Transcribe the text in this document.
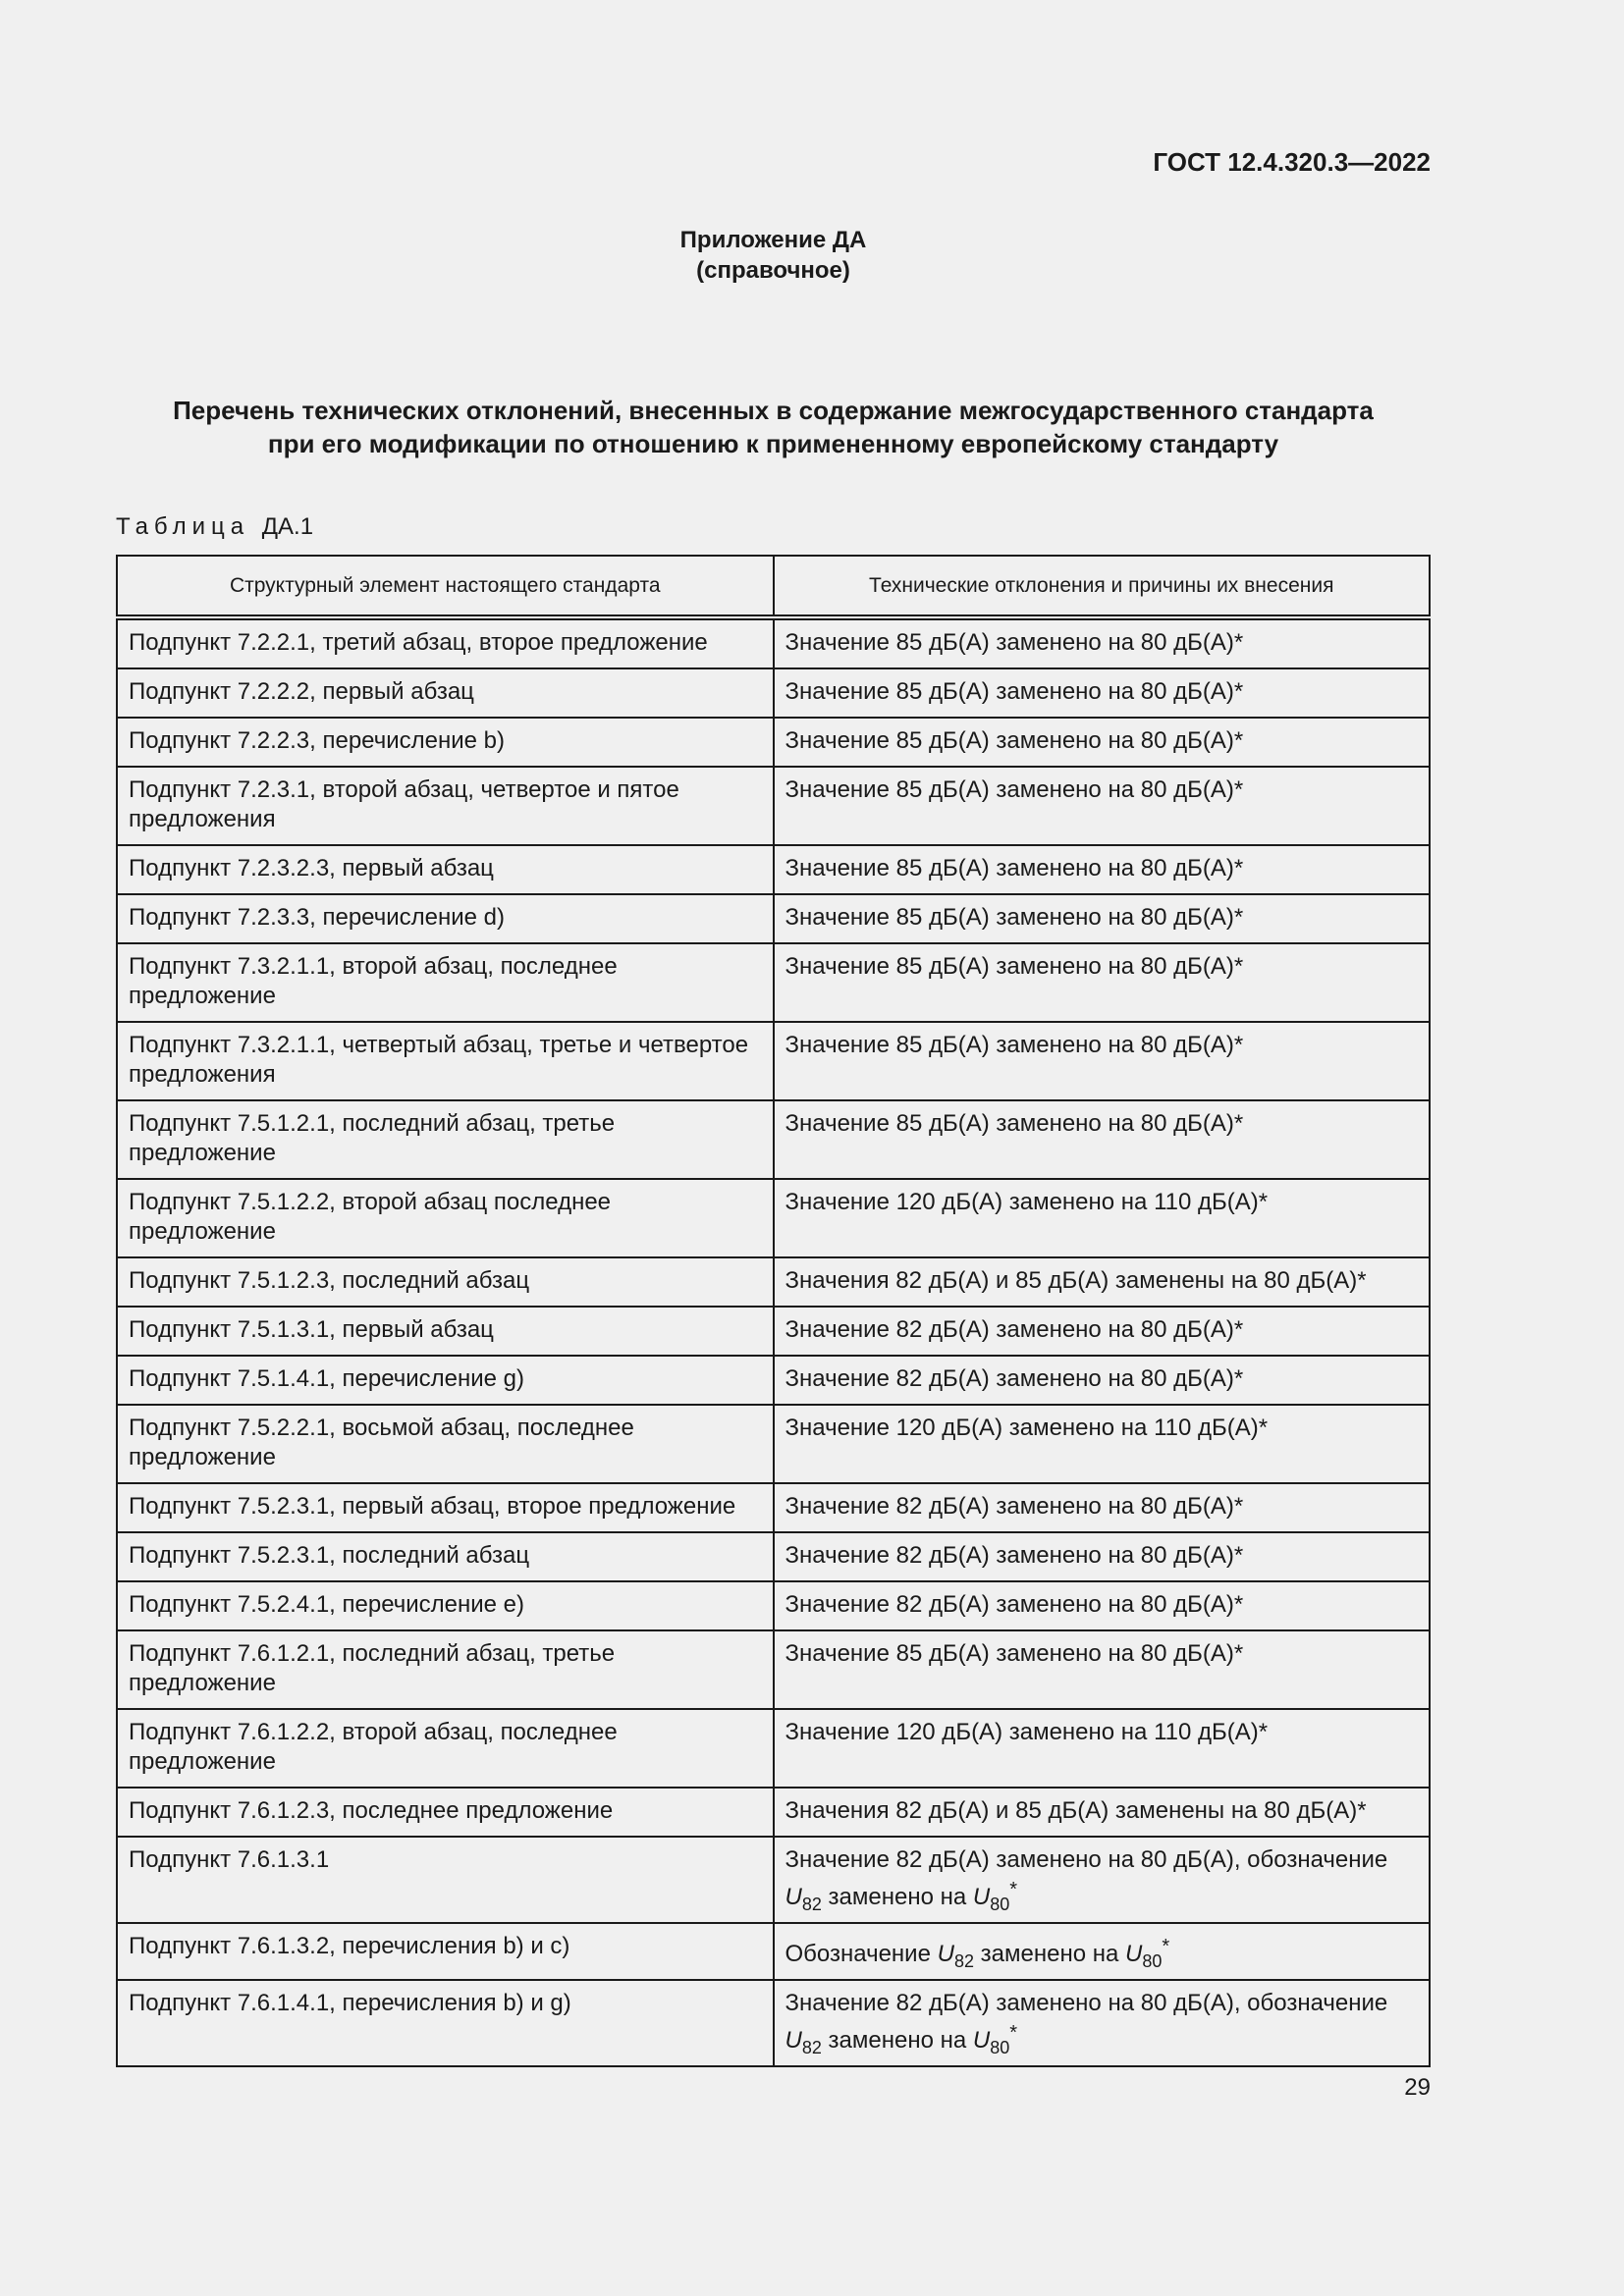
ГОСТ 12.4.320.3—2022
Приложение ДА
(справочное)
Перечень технических отклонений, внесенных в содержание межгосударственного стандарта
при его модификации по отношению к примененному европейскому стандарту
Таблица ДА.1
Структурный элемент настоящего стандарта	Технические отклонения и причины их внесения
Подпункт 7.2.2.1, третий абзац, второе предложение	Значение 85 дБ(А) заменено на 80 дБ(А)*
Подпункт 7.2.2.2, первый абзац	Значение 85 дБ(А) заменено на 80 дБ(А)*
Подпункт 7.2.2.3, перечисление b)	Значение 85 дБ(А) заменено на 80 дБ(А)*
Подпункт 7.2.3.1, второй абзац, четвертое и пятое предложения	Значение 85 дБ(А) заменено на 80 дБ(А)*
Подпункт 7.2.3.2.3, первый абзац	Значение 85 дБ(А) заменено на 80 дБ(А)*
Подпункт 7.2.3.3, перечисление d)	Значение 85 дБ(А) заменено на 80 дБ(А)*
Подпункт 7.3.2.1.1, второй абзац, последнее предложение	Значение 85 дБ(А) заменено на 80 дБ(А)*
Подпункт 7.3.2.1.1, четвертый абзац, третье и четвертое предложения	Значение 85 дБ(А) заменено на 80 дБ(А)*
Подпункт 7.5.1.2.1, последний абзац, третье предложение	Значение 85 дБ(А) заменено на 80 дБ(А)*
Подпункт 7.5.1.2.2, второй абзац последнее предложение	Значение 120 дБ(А) заменено на 110 дБ(А)*
Подпункт 7.5.1.2.3, последний абзац	Значения 82 дБ(А) и 85 дБ(А) заменены на 80 дБ(А)*
Подпункт 7.5.1.3.1, первый абзац	Значение 82 дБ(А) заменено на 80 дБ(А)*
Подпункт 7.5.1.4.1, перечисление g)	Значение 82 дБ(А) заменено на 80 дБ(А)*
Подпункт 7.5.2.2.1, восьмой абзац, последнее предложение	Значение 120 дБ(А) заменено на 110 дБ(А)*
Подпункт 7.5.2.3.1, первый абзац, второе предложение	Значение 82 дБ(А) заменено на 80 дБ(А)*
Подпункт 7.5.2.3.1, последний абзац	Значение 82 дБ(А) заменено на 80 дБ(А)*
Подпункт 7.5.2.4.1, перечисление e)	Значение 82 дБ(А) заменено на 80 дБ(А)*
Подпункт 7.6.1.2.1, последний абзац, третье предложение	Значение 85 дБ(А) заменено на 80 дБ(А)*
Подпункт 7.6.1.2.2, второй абзац, последнее предложение	Значение 120 дБ(А) заменено на 110 дБ(А)*
Подпункт 7.6.1.2.3, последнее предложение	Значения 82 дБ(А) и 85 дБ(А) заменены на 80 дБ(А)*
Подпункт 7.6.1.3.1	Значение 82 дБ(А) заменено на 80 дБ(А), обозначение $U_{82}$ заменено на $U_{80}^*$
Подпункт 7.6.1.3.2, перечисления b) и c)	Обозначение $U_{82}$ заменено на $U_{80}^*$
Подпункт 7.6.1.4.1, перечисления b) и g)	Значение 82 дБ(А) заменено на 80 дБ(А), обозначение $U_{82}$ заменено на $U_{80}^*$
29
